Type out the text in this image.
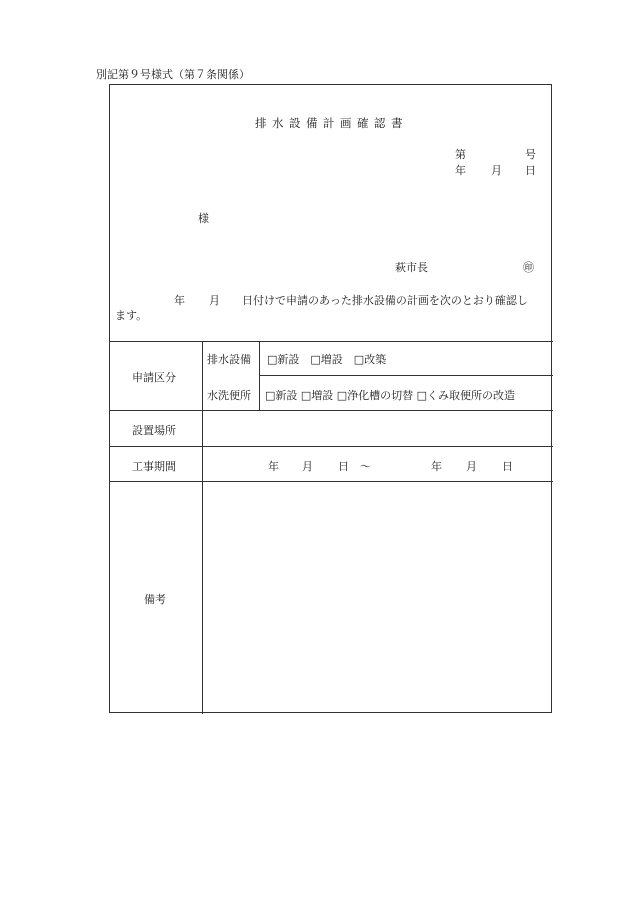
別記第９号様式（第７条関係）
排水設備計画確認書
第	号
年 月 日
様
萩市長	㊞
年 月 日付けで申請のあった排水設備の計画を次のとおり確認し
ます。
申請区分
排水設備 □新設　□増設　□改築
水洗便所 □新設 □増設 □浄化槽の切替 □くみ取便所の改造
設置場所
工事期間	年 月 日 〜	年 月 日
備考
